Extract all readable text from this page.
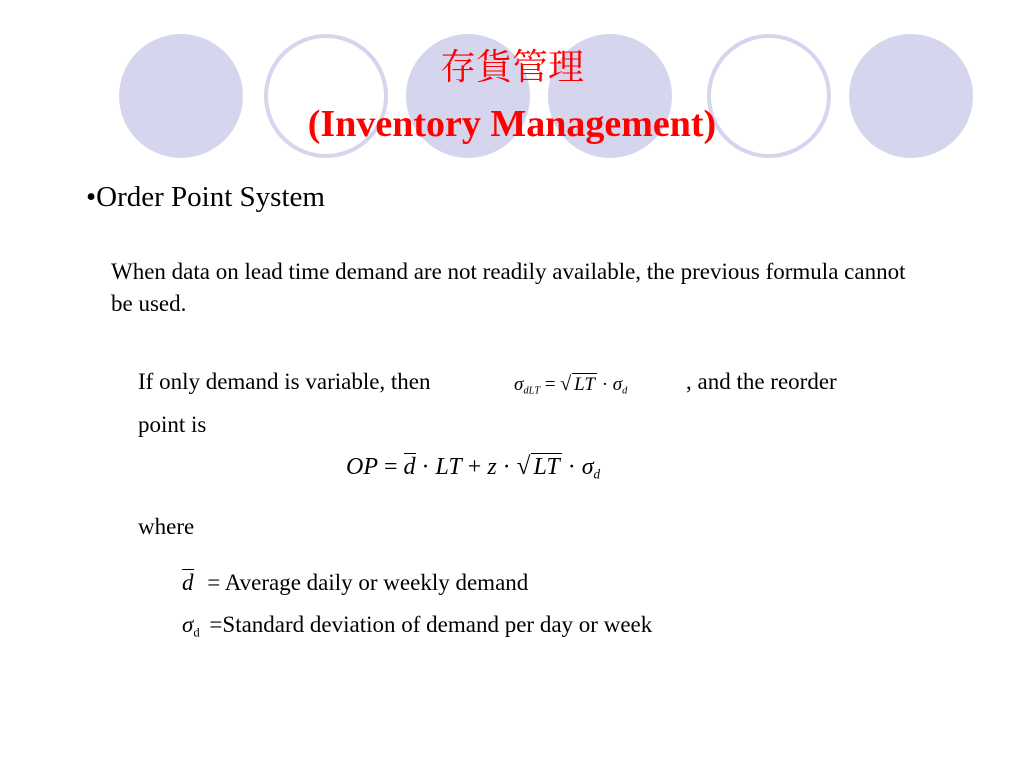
存貨管理
(Inventory Management)
•Order Point System
When data on lead time demand are not readily available, the previous formula cannot be used.
If only demand is variable, then	$\sigma_{dLT}$ = √ LT · $\sigma_d$	, and the reorder
point is
OP = d · LT + z · √ LT · $\sigma_d$
where
d = Average daily or weekly demand
$\sigma_d$ =Standard deviation of demand per day or week
